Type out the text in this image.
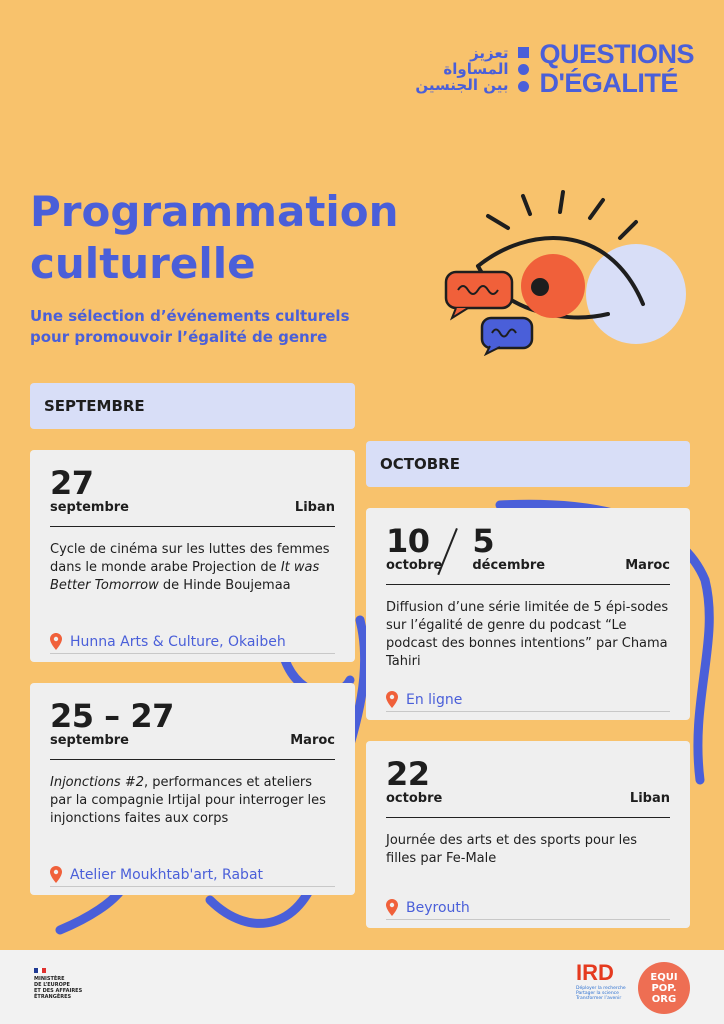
تعزيز
المساواة
بين الجنسين
QUESTIONS
D'ÉGALITÉ
Programmation
culturelle

Une sélection d’événements culturels pour promouvoir l’égalité de genre

SEPTEMBRE
27
septembre	Liban

Cycle de cinéma sur les luttes des femmes dans le monde arabe Projection de It was Better Tomorrow de Hinde Boujemaa

Hunna Arts & Culture, Okaibeh
25 – 27
septembre	Maroc

Injonctions #2, performances et ateliers par la compagnie Irtijal pour interroger les injonctions faites aux corps

Atelier Moukhtab'art, Rabat
OCTOBRE
10
octobre
5
décembre	Maroc

Diffusion d’une série limitée de 5 épi-sodes sur l’égalité de genre du podcast “Le podcast des bonnes intentions” par Chama Tahiri

En ligne
22
octobre	Liban

Journée des arts et des sports pour les filles par Fe-Male

Beyrouth
MINISTÈRE
DE L’EUROPE
ET DES AFFAIRES
ÉTRANGÈRES
IRD
Déployer la recherche
Partager la science
Transformer l’avenir
EQUI
POP.
ORG
